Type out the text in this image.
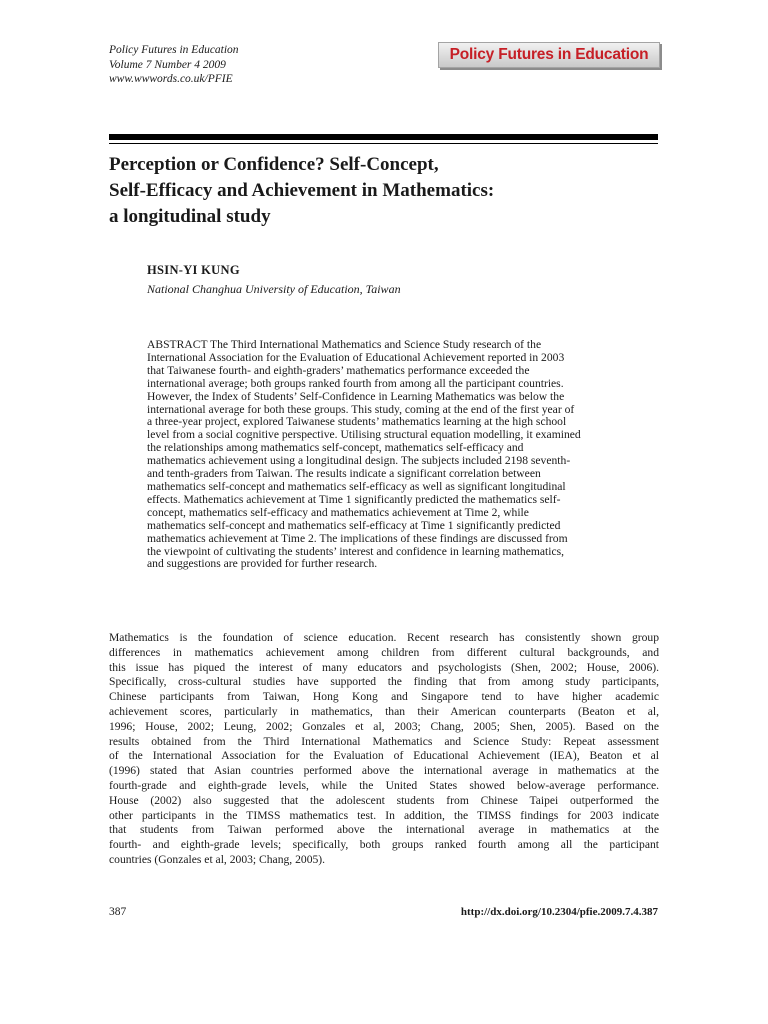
Policy Futures in Education
Volume 7 Number 4 2009
www.wwwords.co.uk/PFIE
Policy Futures in Education
Perception or Confidence? Self-Concept,
Self-Efficacy and Achievement in Mathematics:
a longitudinal study
HSIN-YI KUNG
National Changhua University of Education, Taiwan
ABSTRACT The Third International Mathematics and Science Study research of the
International Association for the Evaluation of Educational Achievement reported in 2003
that Taiwanese fourth- and eighth-graders’ mathematics performance exceeded the
international average; both groups ranked fourth from among all the participant countries.
However, the Index of Students’ Self-Confidence in Learning Mathematics was below the
international average for both these groups. This study, coming at the end of the first year of
a three-year project, explored Taiwanese students’ mathematics learning at the high school
level from a social cognitive perspective. Utilising structural equation modelling, it examined
the relationships among mathematics self-concept, mathematics self-efficacy and
mathematics achievement using a longitudinal design. The subjects included 2198 seventh-
and tenth-graders from Taiwan. The results indicate a significant correlation between
mathematics self-concept and mathematics self-efficacy as well as significant longitudinal
effects. Mathematics achievement at Time 1 significantly predicted the mathematics self-
concept, mathematics self-efficacy and mathematics achievement at Time 2, while
mathematics self-concept and mathematics self-efficacy at Time 1 significantly predicted
mathematics achievement at Time 2. The implications of these findings are discussed from
the viewpoint of cultivating the students’ interest and confidence in learning mathematics,
and suggestions are provided for further research.
Mathematics is the foundation of science education. Recent research has consistently shown group
differences in mathematics achievement among children from different cultural backgrounds, and
this issue has piqued the interest of many educators and psychologists (Shen, 2002; House, 2006).
Specifically, cross-cultural studies have supported the finding that from among study participants,
Chinese participants from Taiwan, Hong Kong and Singapore tend to have higher academic
achievement scores, particularly in mathematics, than their American counterparts (Beaton et al,
1996; House, 2002; Leung, 2002; Gonzales et al, 2003; Chang, 2005; Shen, 2005). Based on the
results obtained from the Third International Mathematics and Science Study: Repeat assessment
of the International Association for the Evaluation of Educational Achievement (IEA), Beaton et al
(1996) stated that Asian countries performed above the international average in mathematics at the
fourth-grade and eighth-grade levels, while the United States showed below-average performance.
House (2002) also suggested that the adolescent students from Chinese Taipei outperformed the
other participants in the TIMSS mathematics test. In addition, the TIMSS findings for 2003 indicate
that students from Taiwan performed above the international average in mathematics at the
fourth- and eighth-grade levels; specifically, both groups ranked fourth among all the participant
countries (Gonzales et al, 2003; Chang, 2005).
387	http://dx.doi.org/10.2304/pfie.2009.7.4.387
